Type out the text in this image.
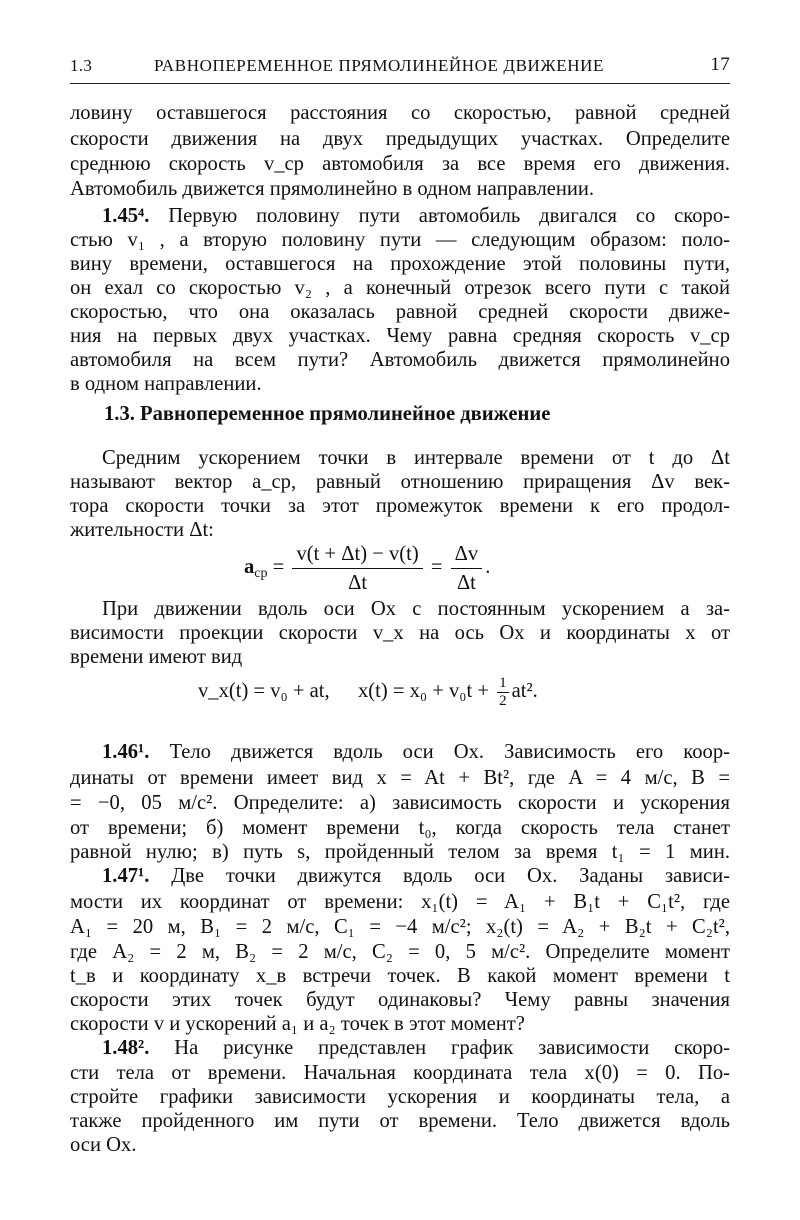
1.3	РАВНОПЕРЕМЕННОЕ ПРЯМОЛИНЕЙНОЕ ДВИЖЕНИЕ	17
ловину оставшегося расстояния со скоростью, равной средней
скорости движения на двух предыдущих участках. Определите
среднюю скорость v_ср автомобиля за все время его движения.
Автомобиль движется прямолинейно в одном направлении.
1.45⁴. Первую половину пути автомобиль двигался со скоро-
стью v₁ , а вторую половину пути — следующим образом: поло-
вину времени, оставшегося на прохождение этой половины пути,
он ехал со скоростью v₂ , а конечный отрезок всего пути с такой
скоростью, что она оказалась равной средней скорости движе-
ния на первых двух участках. Чему равна средняя скорость v_ср
автомобиля на всем пути? Автомобиль движется прямолинейно
в одном направлении.
1.3. Равнопеременное прямолинейное движение
Средним ускорением точки в интервале времени от t до Δt
называют вектор a_ср, равный отношению приращения Δv век-
тора скорости точки за этот промежуток времени к его продол-
жительности Δt:
$a_{ср} = \frac{v(t + \Delta t) - v(t)}{\Delta t} = \frac{\Delta v}{\Delta t}$ .
При движении вдоль оси Ox с постоянным ускорением a за-
висимости проекции скорости v_x на ось Ox и координаты x от
времени имеют вид
v_x(t) = v₀ + at, $x(t) = x_0 + v_0t + \frac{1}{2} at^2$.
1.46¹. Тело движется вдоль оси Ox. Зависимость его коор-
динаты от времени имеет вид x = At + Bt², где A = 4 м/с, B =
= −0, 05 м/с². Определите: а) зависимость скорости и ускорения
от времени; б) момент времени t₀, когда скорость тела станет
равной нулю; в) путь s, пройденный телом за время t₁ = 1 мин.
1.47¹. Две точки движутся вдоль оси Ox. Заданы зависи-
мости их координат от времени: x₁(t) = A₁ + B₁t + C₁t², где
A₁ = 20 м, B₁ = 2 м/с, C₁ = −4 м/с²; x₂(t) = A₂ + B₂t + C₂t²,
где A₂ = 2 м, B₂ = 2 м/с, C₂ = 0, 5 м/с². Определите момент
t_в и координату x_в встречи точек. В какой момент времени t
скорости этих точек будут одинаковы? Чему равны значения
скорости v и ускорений a₁ и a₂ точек в этот момент?
1.48². На рисунке представлен график зависимости скоро-
сти тела от времени. Начальная координата тела x(0) = 0. По-
стройте графики зависимости ускорения и координаты тела, а
также пройденного им пути от времени. Тело движется вдоль
оси Ox.
